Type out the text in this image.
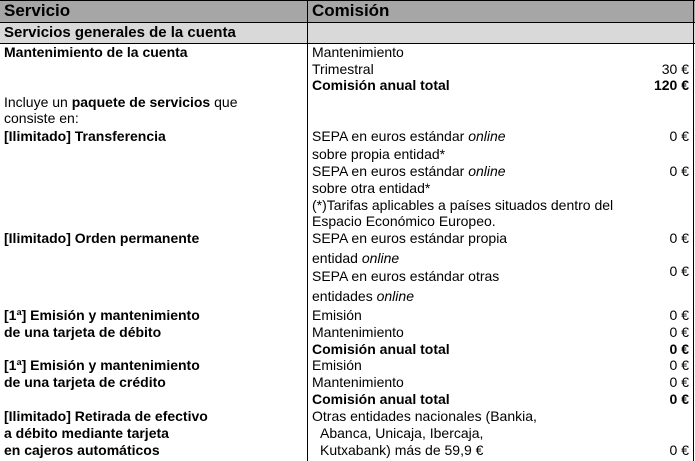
Servicio	Comisión
Servicios generales de la cuenta
Mantenimiento de la cuenta	Mantenimiento
Trimestral	30 €
Comisión anual total	120 €
Incluye un paquete de servicios que
consiste en:
[Ilimitado] Transferencia	SEPA en euros estándar online	0 €
sobre propia entidad*
SEPA en euros estándar online	0 €
sobre otra entidad*
(*)Tarifas aplicables a países situados dentro del
Espacio Económico Europeo.
[Ilimitado] Orden permanente	SEPA en euros estándar propia	0 €
entidad online
SEPA en euros estándar otras	0 €
entidades online
[1ª] Emisión y mantenimiento
de una tarjeta de débito
Emisión	0 €
Mantenimiento	0 €
Comisión anual total	0 €
[1ª] Emisión y mantenimiento
de una tarjeta de crédito
Emisión	0 €
Mantenimiento	0 €
Comisión anual total	0 €
[Ilimitado] Retirada de efectivo
a débito mediante tarjeta
en cajeros automáticos
Otras entidades nacionales (Bankia,
Abanca, Unicaja, Ibercaja,
Kutxabank) más de 59,9 €	0 €
